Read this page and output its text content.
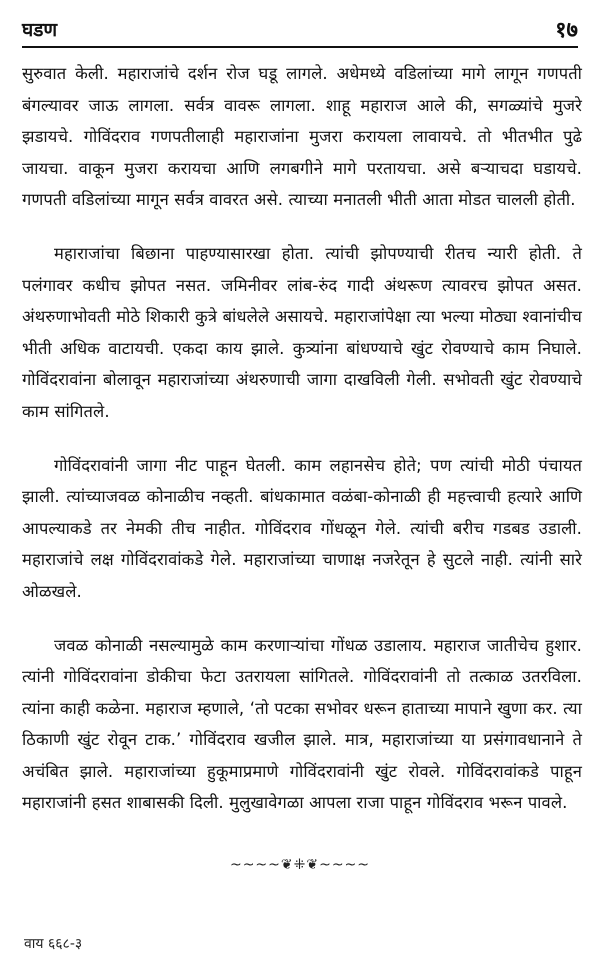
घडण	१७

सुरुवात केली. महाराजांचे दर्शन रोज घडू लागले. अधेमध्ये वडिलांच्या मागे लागून गणपती बंगल्यावर जाऊ लागला. सर्वत्र वावरू लागला. शाहू महाराज आले की, सगळ्यांचे मुजरे झडायचे. गोविंदराव गणपतीलाही महाराजांना मुजरा करायला लावायचे. तो भीतभीत पुढे जायचा. वाकून मुजरा करायचा आणि लगबगीने मागे परतायचा. असे बऱ्याचदा घडायचे. गणपती वडिलांच्या मागून सर्वत्र वावरत असे. त्याच्या मनातली भीती आता मोडत चालली होती.

महाराजांचा बिछाना पाहण्यासारखा होता. त्यांची झोपण्याची रीतच न्यारी होती. ते पलंगावर कधीच झोपत नसत. जमिनीवर लांब-रुंद गादी अंथरूण त्यावरच झोपत असत. अंथरुणाभोवती मोठे शिकारी कुत्रे बांधलेले असायचे. महाराजांपेक्षा त्या भल्या मोठ्या श्वानांचीच भीती अधिक वाटायची. एकदा काय झाले. कुत्र्यांना बांधण्याचे खुंट रोवण्याचे काम निघाले. गोविंदरावांना बोलावून महाराजांच्या अंथरुणाची जागा दाखविली गेली. सभोवती खुंट रोवण्याचे काम सांगितले.

गोविंदरावांनी जागा नीट पाहून घेतली. काम लहानसेच होते; पण त्यांची मोठी पंचायत झाली. त्यांच्याजवळ कोनाळीच नव्हती. बांधकामात वळंबा-कोनाळी ही महत्त्वाची हत्यारे आणि आपल्याकडे तर नेमकी तीच नाहीत. गोविंदराव गोंधळून गेले. त्यांची बरीच गडबड उडाली. महाराजांचे लक्ष गोविंदरावांकडे गेले. महाराजांच्या चाणाक्ष नजरेतून हे सुटले नाही. त्यांनी सारे ओळखले.

जवळ कोनाळी नसल्यामुळे काम करणाऱ्यांचा गोंधळ उडालाय. महाराज जातीचेच हुशार. त्यांनी गोविंदरावांना डोकीचा फेटा उतरायला सांगितले. गोविंदरावांनी तो तत्काळ उतरविला. त्यांना काही कळेना. महाराज म्हणाले, ‘तो पटका सभोवर धरून हाताच्या मापाने खुणा कर. त्या ठिकाणी खुंट रोवून टाक.’ गोविंदराव खजील झाले. मात्र, महाराजांच्या या प्रसंगावधानाने ते अचंबित झाले. महाराजांच्या हुकूमाप्रमाणे गोविंदरावांनी खुंट रोवले. गोविंदरावांकडे पाहून महाराजांनी हसत शाबासकी दिली. मुलुखावेगळा आपला राजा पाहून गोविंदराव भरून पावले.

~~~~❦⁜❦~~~~
वाय ६६८-३
